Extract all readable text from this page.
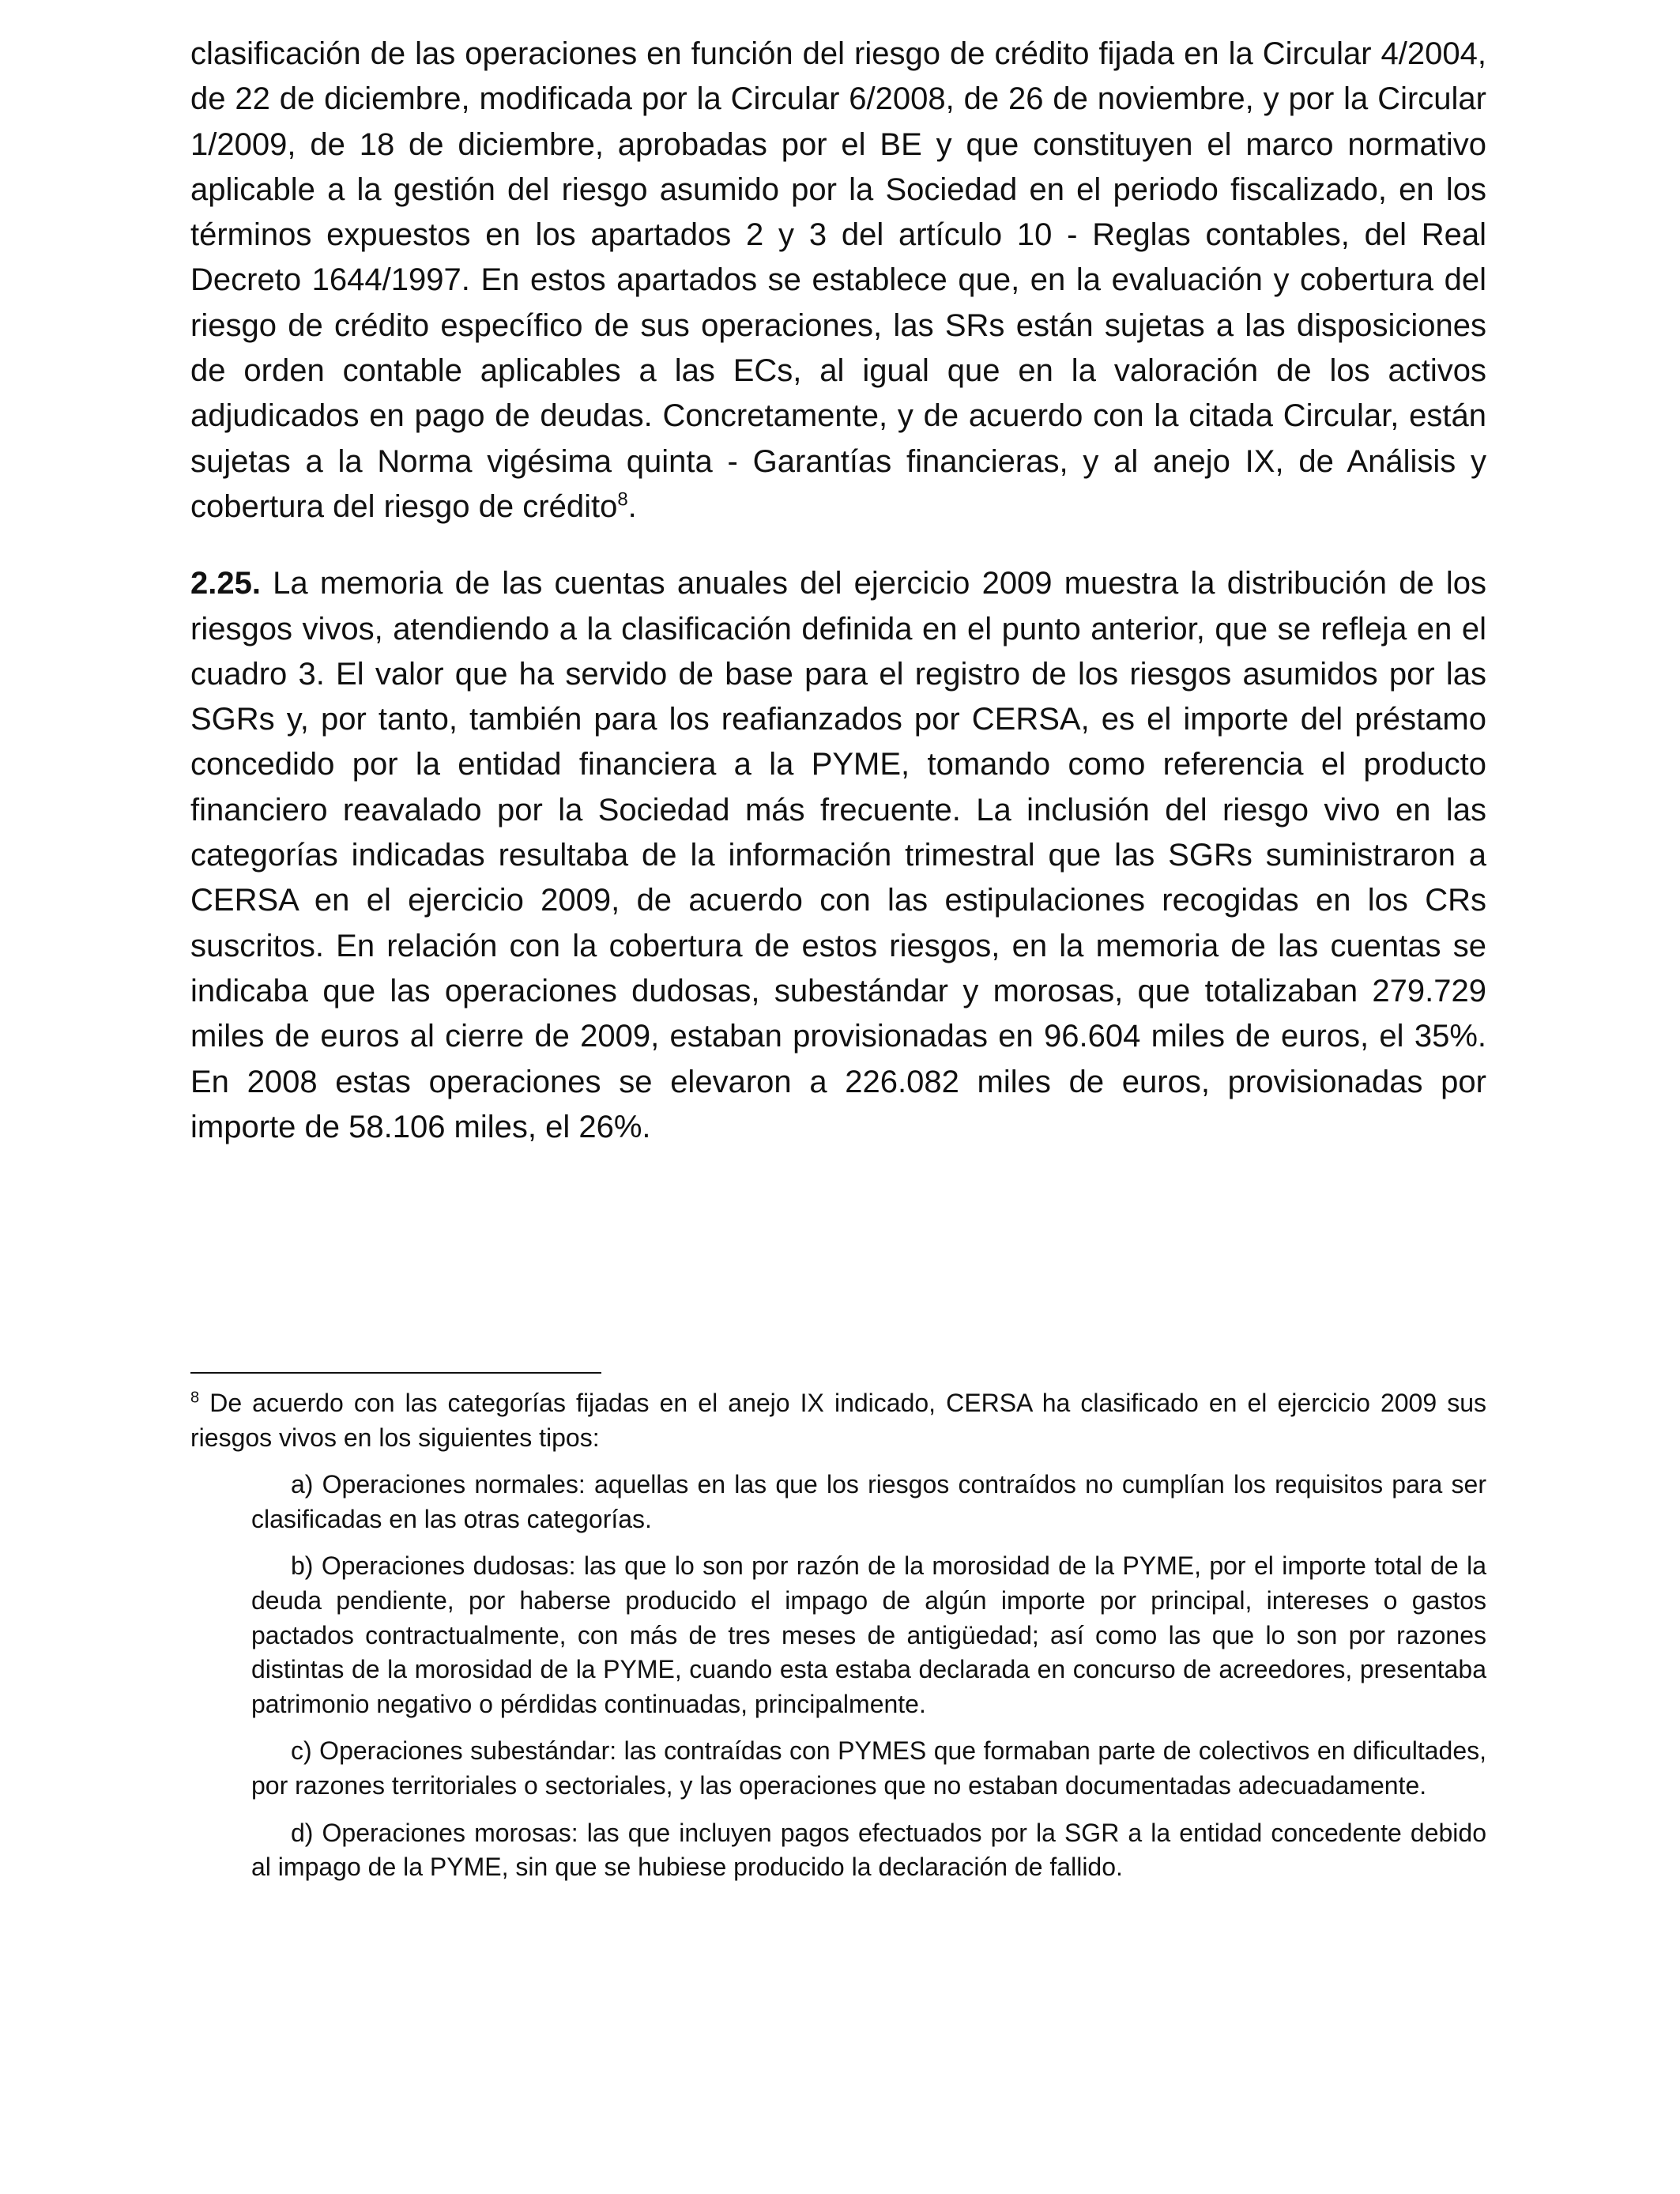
clasificación de las operaciones en función del riesgo de crédito fijada en la Circular 4/2004, de 22 de diciembre, modificada por la Circular 6/2008, de 26 de noviembre, y por la Circular 1/2009, de 18 de diciembre, aprobadas por el BE y que constituyen el marco normativo aplicable a la gestión del riesgo asumido por la Sociedad en el periodo fiscalizado, en los términos expuestos en los apartados 2 y 3 del artículo 10 - Reglas contables, del Real Decreto 1644/1997. En estos apartados se establece que, en la evaluación y cobertura del riesgo de crédito específico de sus operaciones, las SRs están sujetas a las disposiciones de orden contable aplicables a las ECs, al igual que en la valoración de los activos adjudicados en pago de deudas. Concretamente, y de acuerdo con la citada Circular, están sujetas a la Norma vigésima quinta - Garantías financieras, y al anejo IX, de Análisis y cobertura del riesgo de crédito$^8$.

2.25. La memoria de las cuentas anuales del ejercicio 2009 muestra la distribución de los riesgos vivos, atendiendo a la clasificación definida en el punto anterior, que se refleja en el cuadro 3. El valor que ha servido de base para el registro de los riesgos asumidos por las SGRs y, por tanto, también para los reafianzados por CERSA, es el importe del préstamo concedido por la entidad financiera a la PYME, tomando como referencia el producto financiero reavalado por la Sociedad más frecuente. La inclusión del riesgo vivo en las categorías indicadas resultaba de la información trimestral que las SGRs suministraron a CERSA en el ejercicio 2009, de acuerdo con las estipulaciones recogidas en los CRs suscritos. En relación con la cobertura de estos riesgos, en la memoria de las cuentas se indicaba que las operaciones dudosas, subestándar y morosas, que totalizaban 279.729 miles de euros al cierre de 2009, estaban provisionadas en 96.604 miles de euros, el 35%. En 2008 estas operaciones se elevaron a 226.082 miles de euros, provisionadas por importe de 58.106 miles, el 26%.

$^8$ De acuerdo con las categorías fijadas en el anejo IX indicado, CERSA ha clasificado en el ejercicio 2009 sus riesgos vivos en los siguientes tipos:

a) Operaciones normales: aquellas en las que los riesgos contraídos no cumplían los requisitos para ser clasificadas en las otras categorías.

b) Operaciones dudosas: las que lo son por razón de la morosidad de la PYME, por el importe total de la deuda pendiente, por haberse producido el impago de algún importe por principal, intereses o gastos pactados contractualmente, con más de tres meses de antigüedad; así como las que lo son por razones distintas de la morosidad de la PYME, cuando esta estaba declarada en concurso de acreedores, presentaba patrimonio negativo o pérdidas continuadas, principalmente.

c) Operaciones subestándar: las contraídas con PYMES que formaban parte de colectivos en dificultades, por razones territoriales o sectoriales, y las operaciones que no estaban documentadas adecuadamente.

d) Operaciones morosas: las que incluyen pagos efectuados por la SGR a la entidad concedente debido al impago de la PYME, sin que se hubiese producido la declaración de fallido.
